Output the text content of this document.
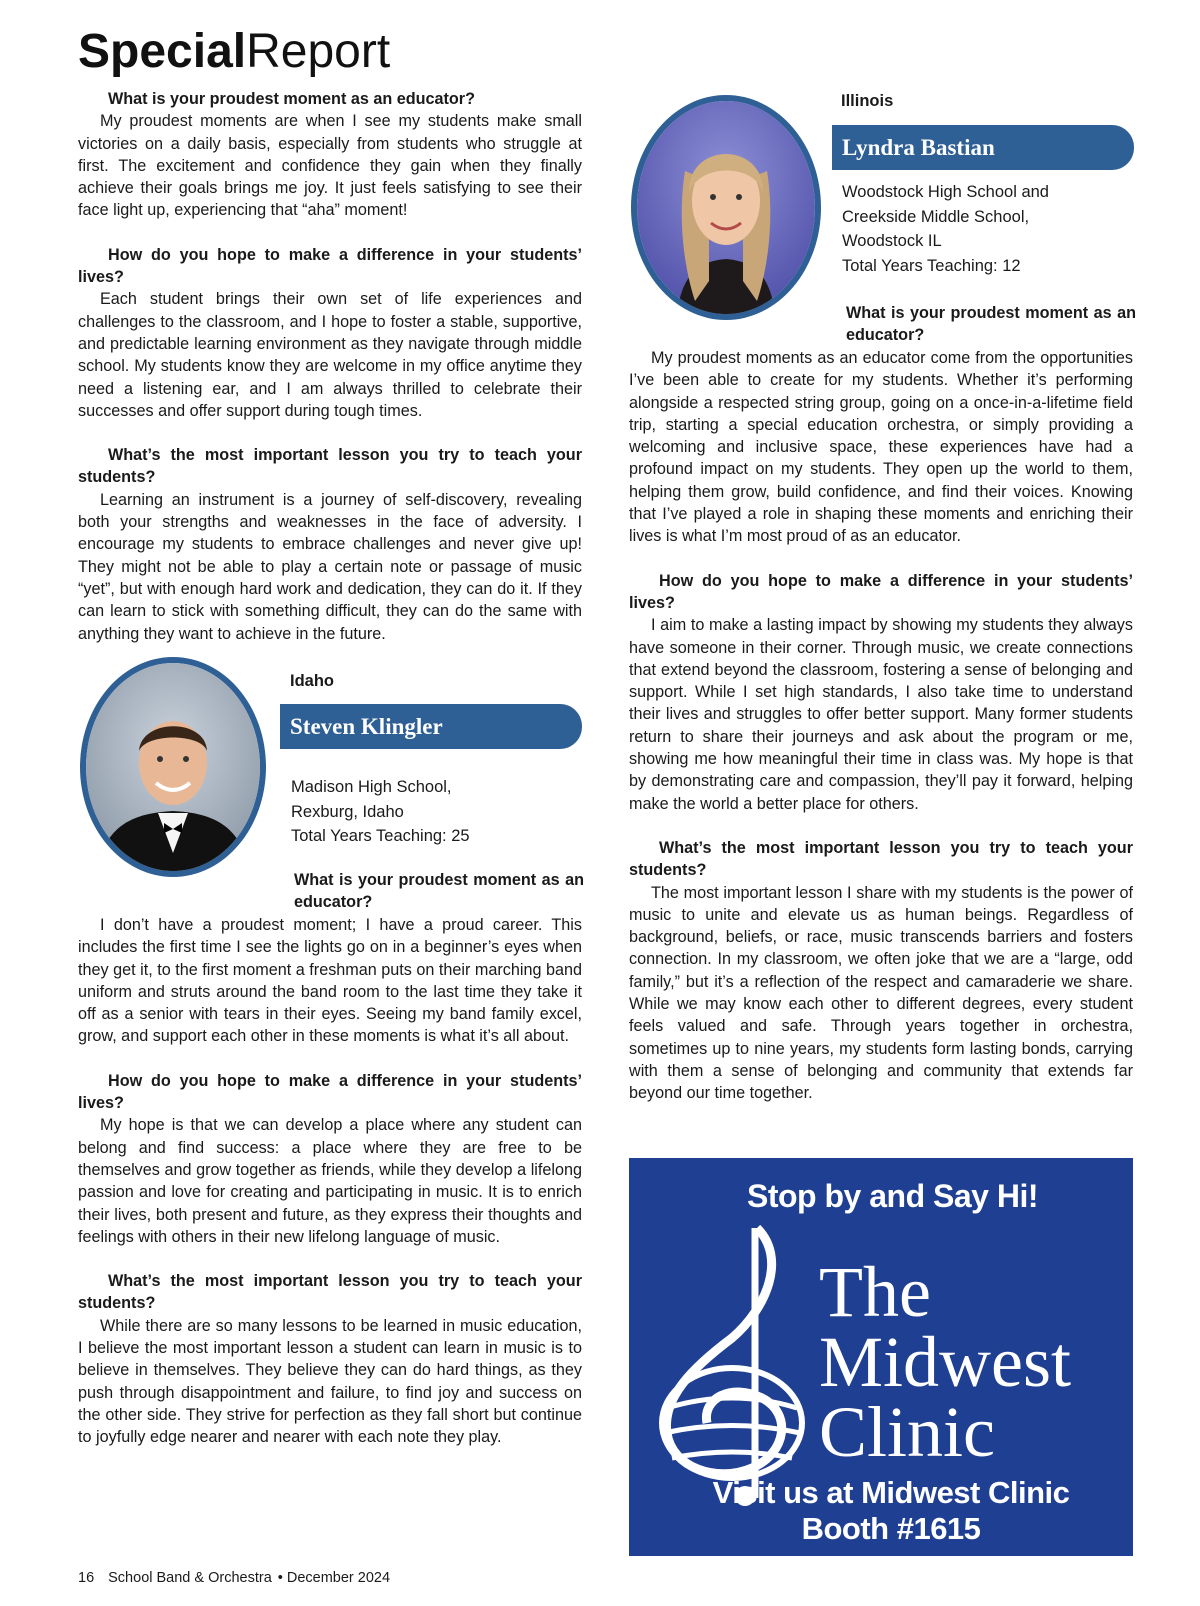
SpecialReport

What is your proudest moment as an educator?

My proudest moments are when I see my students make small victories on a daily basis, especially from students who struggle at first. The excitement and confidence they gain when they finally achieve their goals brings me joy. It just feels satisfying to see their face light up, experiencing that “aha” moment!

How do you hope to make a difference in your students’ lives?

Each student brings their own set of life experiences and challenges to the classroom, and I hope to foster a stable, supportive, and predictable learning environment as they navigate through middle school. My students know they are welcome in my office anytime they need a listening ear, and I am always thrilled to celebrate their successes and offer support during tough times.

What’s the most important lesson you try to teach your students?

Learning an instrument is a journey of self-discovery, revealing both your strengths and weaknesses in the face of adversity. I encourage my students to embrace challenges and never give up! They might not be able to play a certain note or passage of music “yet”, but with enough hard work and dedication, they can do it. If they can learn to stick with something difficult, they can do the same with anything they want to achieve in the future.

Idaho
Steven Klingler
Madison High School,
Rexburg, Idaho
Total Years Teaching: 25

What is your proudest moment as an educator?

I don’t have a proudest moment; I have a proud career. This includes the first time I see the lights go on in a beginner’s eyes when they get it, to the first moment a freshman puts on their marching band uniform and struts around the band room to the last time they take it off as a senior with tears in their eyes. Seeing my band family excel, grow, and support each other in these moments is what it’s all about.

How do you hope to make a difference in your students’ lives?

My hope is that we can develop a place where any student can belong and find success: a place where they are free to be themselves and grow together as friends, while they develop a lifelong passion and love for creating and participating in music. It is to enrich their lives, both present and future, as they express their thoughts and feelings with others in their new lifelong language of music.

What’s the most important lesson you try to teach your students?

While there are so many lessons to be learned in music education, I believe the most important lesson a student can learn in music is to believe in themselves. They believe they can do hard things, as they push through disappointment and failure, to find joy and success on the other side. They strive for perfection as they fall short but continue to joyfully edge nearer and nearer with each note they play.

Illinois
Lyndra Bastian
Woodstock High School and
Creekside Middle School,
Woodstock IL
Total Years Teaching: 12

What is your proudest moment as an educator?

My proudest moments as an educator come from the opportunities I’ve been able to create for my students. Whether it’s performing alongside a respected string group, going on a once-in-a-lifetime field trip, starting a special education orchestra, or simply providing a welcoming and inclusive space, these experiences have had a profound impact on my students. They open up the world to them, helping them grow, build confidence, and find their voices. Knowing that I’ve played a role in shaping these moments and enriching their lives is what I’m most proud of as an educator.

How do you hope to make a difference in your students’ lives?

I aim to make a lasting impact by showing my students they always have someone in their corner. Through music, we create connections that extend beyond the classroom, fostering a sense of belonging and support. While I set high standards, I also take time to understand their lives and struggles to offer better support. Many former students return to share their journeys and ask about the program or me, showing me how meaningful their time in class was. My hope is that by demonstrating care and compassion, they’ll pay it forward, helping make the world a better place for others.

What’s the most important lesson you try to teach your students?

The most important lesson I share with my students is the power of music to unite and elevate us as human beings. Regardless of background, beliefs, or race, music transcends barriers and fosters connection. In my classroom, we often joke that we are a “large, odd family,” but it’s a reflection of the respect and camaraderie we share. While we may know each other to different degrees, every student feels valued and safe. Through years together in orchestra, sometimes up to nine years, my students form lasting bonds, carrying with them a sense of belonging and community that extends far beyond our time together.

Stop by and Say Hi!
The
Midwest
Clinic
Visit us at Midwest Clinic
Booth #1615
16 School Band & Orchestra • December 2024
